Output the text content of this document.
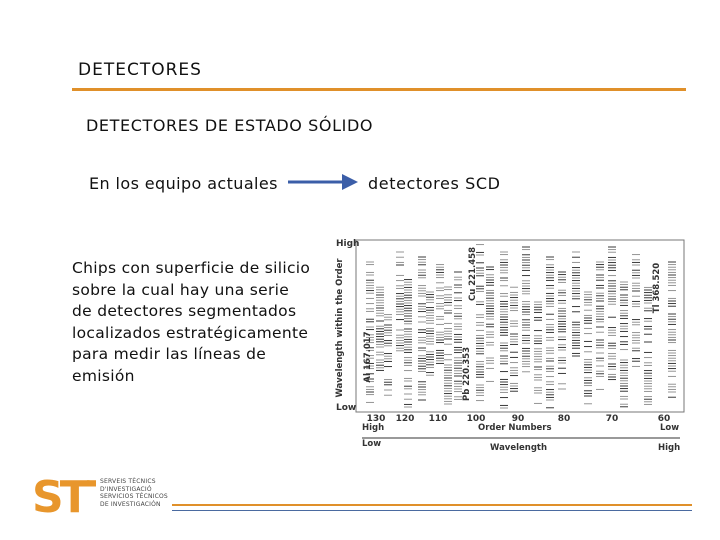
DETECTORES
DETECTORES DE ESTADO SÓLIDO
En los equipo actuales	detectores SCD
Chips con superficie de silicio sobre la cual hay una serie de detectores segmentados localizados estratégicamente para medir las líneas de emisión
High
Low
Wavelength within the Order Al 167.017
Cu 221.458
Pb 220.353
Tl 368.520
130 120 110 100	90	80	70	60
High	Order Numbers	Low
Low	Wavelength	High
ST	SERVEIS TÈCNICS
D'INVESTIGACIÓ
SERVICIOS TÉCNICOS
DE INVESTIGACIÓN
